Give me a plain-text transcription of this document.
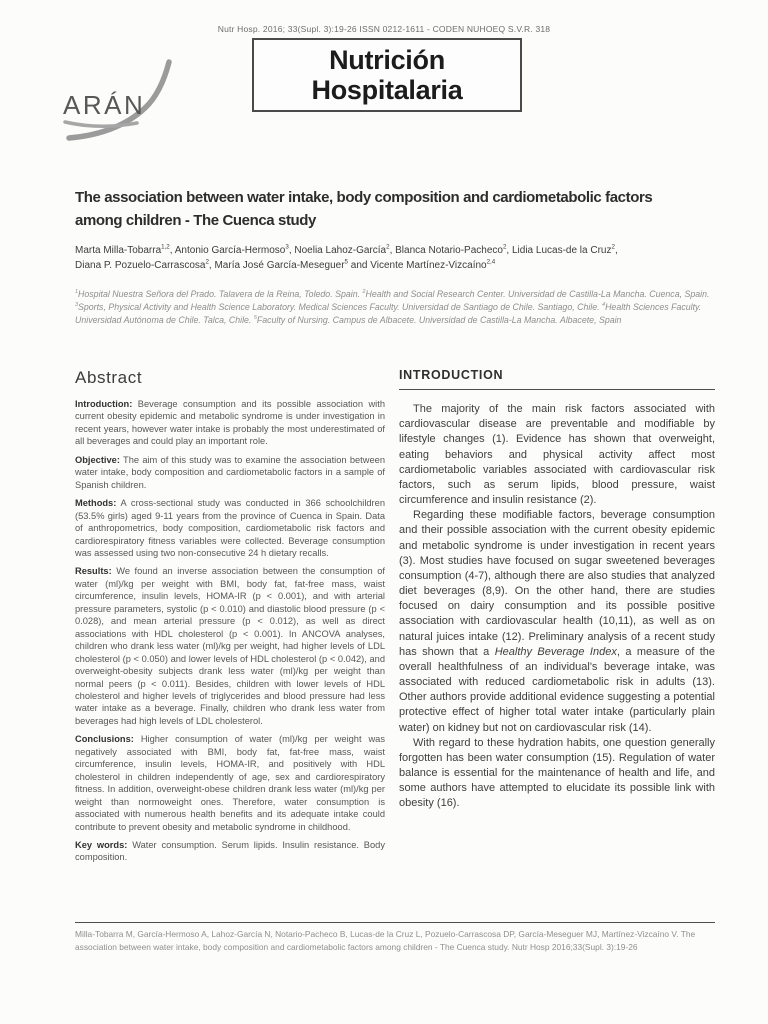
Nutr Hosp. 2016; 33(Supl. 3):19-26 ISSN 0212-1611 - CODEN NUHOEQ S.V.R. 318
ARÁN
Nutrición
Hospitalaria
The association between water intake, body composition and cardiometabolic factors
among children - The Cuenca study
Marta Milla-Tobarra$^{1,2}$, Antonio García-Hermoso$^3$, Noelia Lahoz-García$^2$, Blanca Notario-Pacheco$^2$, Lidia Lucas-de la Cruz$^2$,
Diana P. Pozuelo-Carrascosa$^2$, María José García-Meseguer$^5$ and Vicente Martínez-Vizcaíno$^{2,4}$
$^1$Hospital Nuestra Señora del Prado. Talavera de la Reina, Toledo. Spain. $^2$Health and Social Research Center. Universidad de Castilla-La Mancha. Cuenca, Spain. $^3$Sports, Physical Activity and Health Science Laboratory. Medical Sciences Faculty. Universidad de Santiago de Chile. Santiago, Chile. $^4$Health Sciences Faculty. Universidad Autónoma de Chile. Talca, Chile. $^5$Faculty of Nursing. Campus de Albacete. Universidad de Castilla-La Mancha. Albacete, Spain
Abstract

Introduction: Beverage consumption and its possible association with current obesity epidemic and metabolic syndrome is under investigation in recent years, however water intake is probably the most underestimated of all beverages and could play an important role.

Objective: The aim of this study was to examine the association between water intake, body composition and cardiometabolic factors in a sample of Spanish children.

Methods: A cross-sectional study was conducted in 366 schoolchildren (53.5% girls) aged 9-11 years from the province of Cuenca in Spain. Data of anthropometrics, body composition, cardiometabolic risk factors and cardiorespiratory fitness variables were collected. Beverage consumption was assessed using two non-consecutive 24 h dietary recalls.

Results: We found an inverse association between the consumption of water (ml)/kg per weight with BMI, body fat, fat-free mass, waist circumference, insulin levels, HOMA-IR (p < 0.001), and with arterial pressure parameters, systolic (p < 0.010) and diastolic blood pressure (p < 0.028), and mean arterial pressure (p < 0.012), as well as direct associations with HDL cholesterol (p < 0.001). In ANCOVA analyses, children who drank less water (ml)/kg per weight, had higher levels of LDL cholesterol (p < 0.050) and lower levels of HDL cholesterol (p < 0.042), and overweight-obesity subjects drank less water (ml)/kg per weight than normal peers (p < 0.011). Besides, children with lower levels of HDL cholesterol and higher levels of triglycerides and blood pressure had less water intake as a beverage. Finally, children who drank less water from beverages had high levels of LDL cholesterol.

Conclusions: Higher consumption of water (ml)/kg per weight was negatively associated with BMI, body fat, fat-free mass, waist circumference, insulin levels, HOMA-IR, and positively with HDL cholesterol in children independently of age, sex and cardiorespiratory fitness. In addition, overweight-obese children drank less water (ml)/kg per weight than normoweight ones. Therefore, water consumption is associated with numerous health benefits and its adequate intake could contribute to prevent obesity and metabolic syndrome in childhood.

Key words: Water consumption. Serum lipids. Insulin resistance. Body composition.

INTRODUCTION

The majority of the main risk factors associated with cardiovascular disease are preventable and modifiable by lifestyle changes (1). Evidence has shown that overweight, eating behaviors and physical activity affect most cardiometabolic variables associated with cardiovascular risk factors, such as serum lipids, blood pressure, waist circumference and insulin resistance (2).

Regarding these modifiable factors, beverage consumption and their possible association with the current obesity epidemic and metabolic syndrome is under investigation in recent years (3). Most studies have focused on sugar sweetened beverages consumption (4-7), although there are also studies that analyzed diet beverages (8,9). On the other hand, there are studies focused on dairy consumption and its possible positive association with cardiovascular health (10,11), as well as on natural juices intake (12). Preliminary analysis of a recent study has shown that a Healthy Beverage Index, a measure of the overall healthfulness of an individual's beverage intake, was associated with reduced cardiometabolic risk in adults (13). Other authors provide additional evidence suggesting a potential protective effect of higher total water intake (particularly plain water) on kidney but not on cardiovascular risk (14).

With regard to these hydration habits, one question generally forgotten has been water consumption (15). Regulation of water balance is essential for the maintenance of health and life, and some authors have attempted to elucidate its possible link with obesity (16).

Milla-Tobarra M, García-Hermoso A, Lahoz-García N, Notario-Pacheco B, Lucas-de la Cruz L, Pozuelo-Carrascosa DP, García-Meseguer MJ, Martínez-Vizcaíno V. The association between water intake, body composition and cardiometabolic factors among children - The Cuenca study. Nutr Hosp 2016;33(Supl. 3):19-26
